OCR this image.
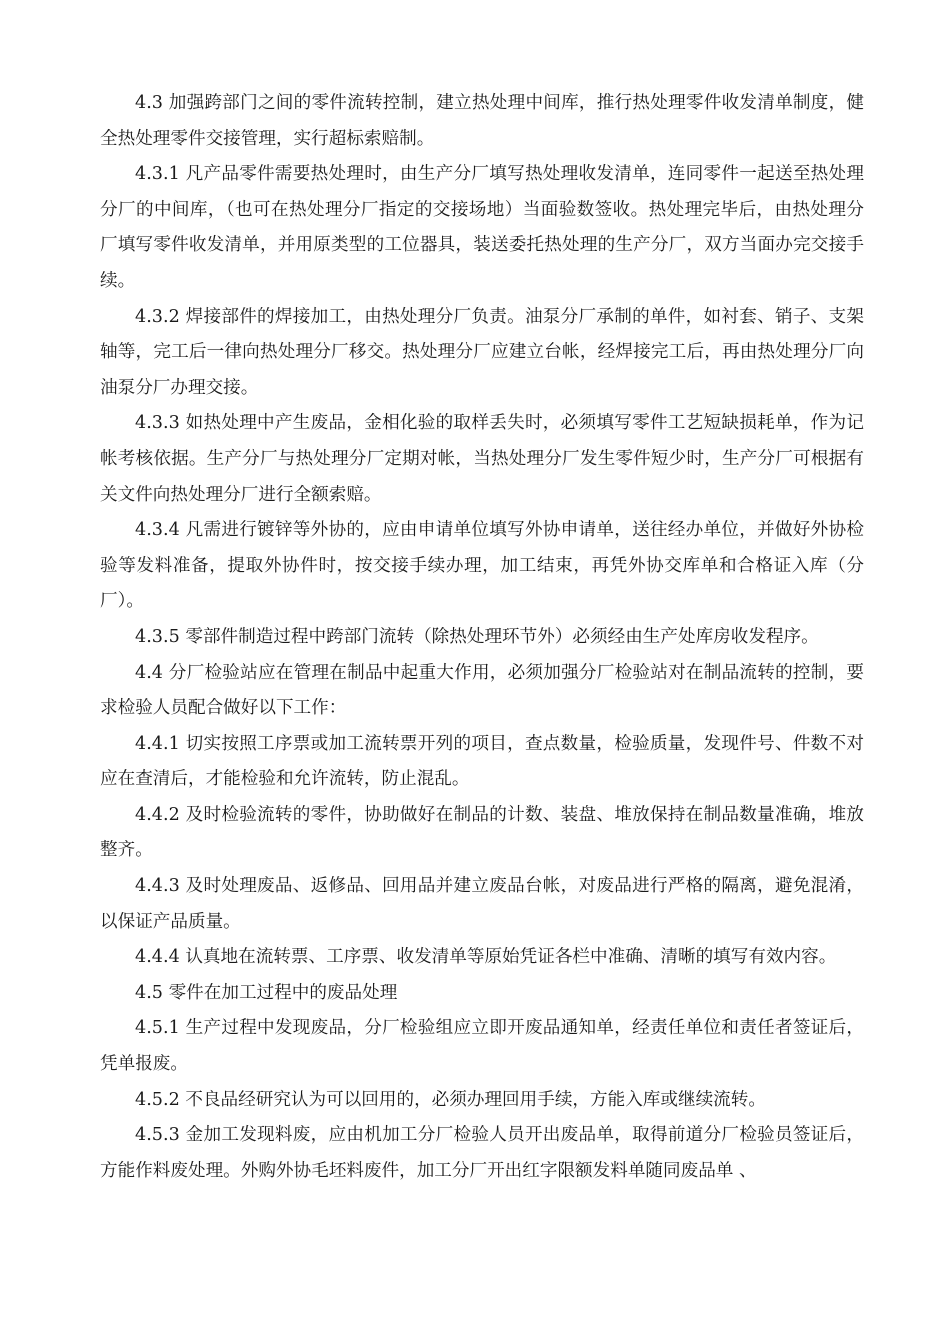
4.3 加强跨部门之间的零件流转控制，建立热处理中间库，推行热处理零件收发清单制度，健全热处理零件交接管理，实行超标索赔制。

4.3.1 凡产品零件需要热处理时，由生产分厂填写热处理收发清单，连同零件一起送至热处理分厂的中间库，（也可在热处理分厂指定的交接场地）当面验数签收。热处理完毕后，由热处理分厂填写零件收发清单，并用原类型的工位器具，装送委托热处理的生产分厂，双方当面办完交接手续。

4.3.2 焊接部件的焊接加工，由热处理分厂负责。油泵分厂承制的单件，如衬套、销子、支架轴等，完工后一律向热处理分厂移交。热处理分厂应建立台帐，经焊接完工后，再由热处理分厂向油泵分厂办理交接。

4.3.3 如热处理中产生废品，金相化验的取样丢失时，必须填写零件工艺短缺损耗单，作为记帐考核依据。生产分厂与热处理分厂定期对帐，当热处理分厂发生零件短少时，生产分厂可根据有关文件向热处理分厂进行全额索赔。

4.3.4 凡需进行镀锌等外协的，应由申请单位填写外协申请单，送往经办单位，并做好外协检验等发料准备，提取外协件时，按交接手续办理，加工结束，再凭外协交库单和合格证入库（分厂）。

4.3.5 零部件制造过程中跨部门流转（除热处理环节外）必须经由生产处库房收发程序。

4.4 分厂检验站应在管理在制品中起重大作用，必须加强分厂检验站对在制品流转的控制，要求检验人员配合做好以下工作：

4.4.1 切实按照工序票或加工流转票开列的项目，查点数量，检验质量，发现件号、件数不对应在查清后，才能检验和允许流转，防止混乱。

4.4.2 及时检验流转的零件，协助做好在制品的计数、装盘、堆放保持在制品数量准确，堆放整齐。

4.4.3 及时处理废品、返修品、回用品并建立废品台帐，对废品进行严格的隔离，避免混淆，以保证产品质量。

4.4.4 认真地在流转票、工序票、收发清单等原始凭证各栏中准确、清晰的填写有效内容。

4.5 零件在加工过程中的废品处理

4.5.1 生产过程中发现废品，分厂检验组应立即开废品通知单，经责任单位和责任者签证后，凭单报废。

4.5.2 不良品经研究认为可以回用的，必须办理回用手续，方能入库或继续流转。

4.5.3 金加工发现料废，应由机加工分厂检验人员开出废品单，取得前道分厂检验员签证后，方能作料废处理。外购外协毛坯料废件，加工分厂开出红字限额发料单随同废品单 、
